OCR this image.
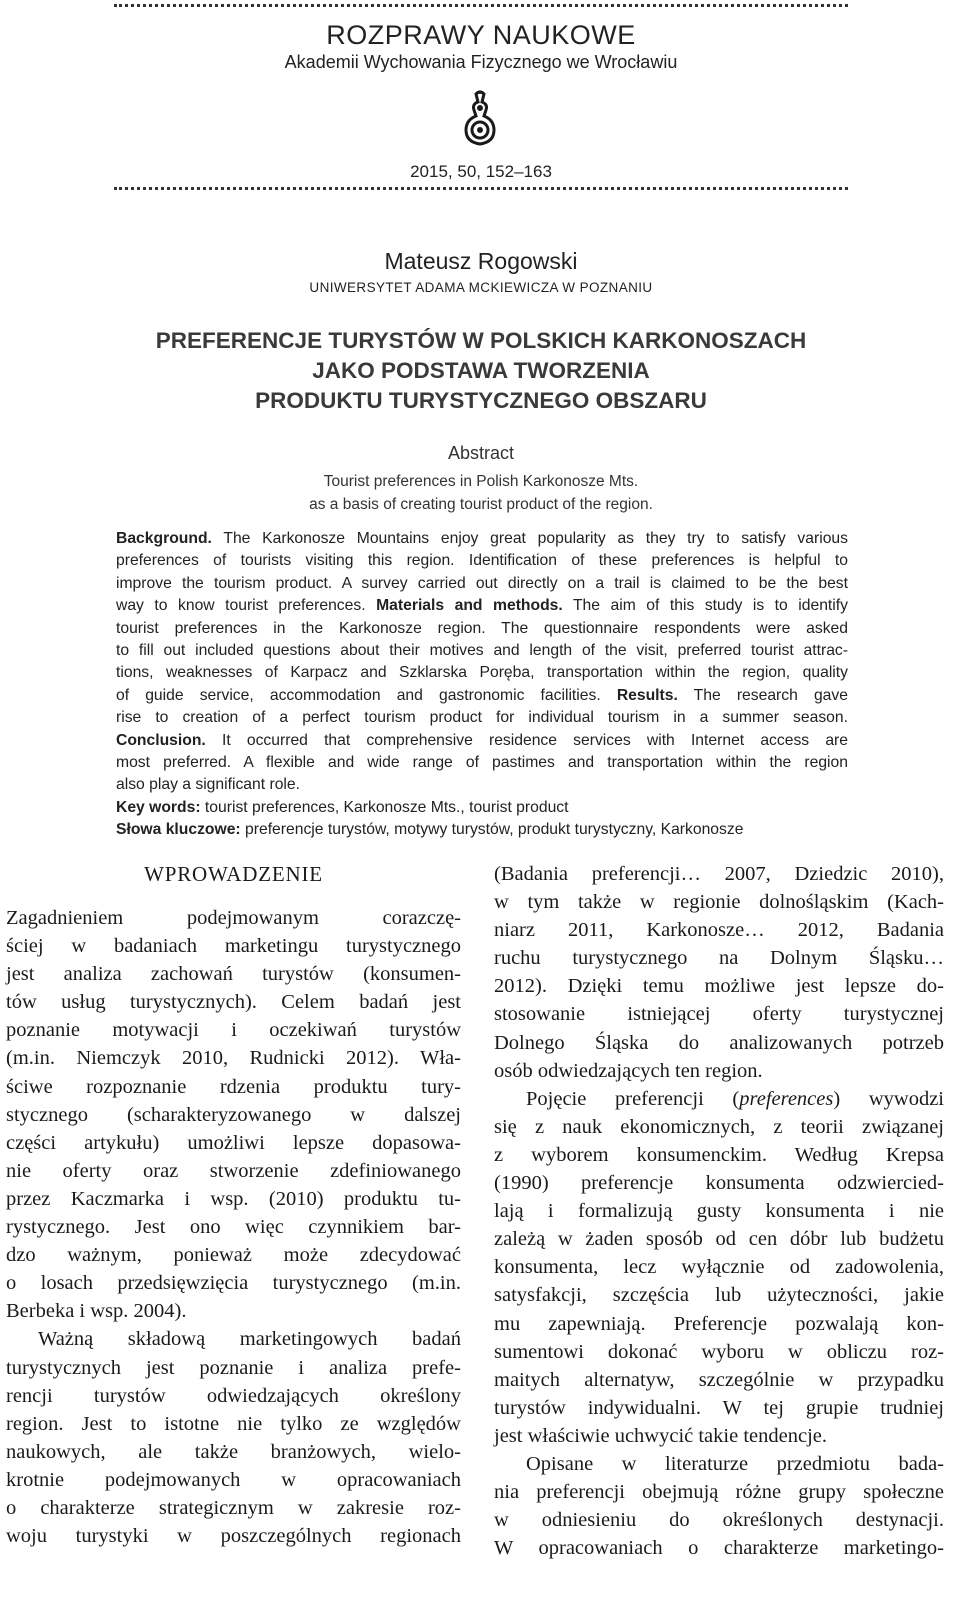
ROZPRAWY NAUKOWE
Akademii Wychowania Fizycznego we Wrocławiu
2015, 50, 152–163
Mateusz Rogowski
UNIWERSYTET ADAMA MCKIEWICZA W POZNANIU
PREFERENCJE TURYSTÓW W POLSKICH KARKONOSZACH
JAKO PODSTAWA TWORZENIA
PRODUKTU TURYSTYCZNEGO OBSZARU
Abstract
Tourist preferences in Polish Karkonosze Mts.
as a basis of creating tourist product of the region.
Background. The Karkonosze Mountains enjoy great popularity as they try to satisfy various
preferences of tourists visiting this region. Identification of these preferences is helpful to
improve the tourism product. A survey carried out directly on a trail is claimed to be the best
way to know tourist preferences. Materials and methods. The aim of this study is to identify
tourist preferences in the Karkonosze region. The questionnaire respondents were asked
to fill out included questions about their motives and length of the visit, preferred tourist attrac-
tions, weaknesses of Karpacz and Szklarska Poręba, transportation within the region, quality
of guide service, accommodation and gastronomic facilities. Results. The research gave
rise to creation of a perfect tourism product for individual tourism in a summer season.
Conclusion. It occurred that comprehensive residence services with Internet access are
most preferred. A flexible and wide range of pastimes and transportation within the region
also play a significant role.
Key words: tourist preferences, Karkonosze Mts., tourist product
Słowa kluczowe: preferencje turystów, motywy turystów, produkt turystyczny, Karkonosze
WPROWADZENIE
Zagadnieniem podejmowanym corazczę-
ściej w badaniach marketingu turystycznego
jest analiza zachowań turystów (konsumen-
tów usług turystycznych). Celem badań jest
poznanie motywacji i oczekiwań turystów
(m.in. Niemczyk 2010, Rudnicki 2012). Wła-
ściwe rozpoznanie rdzenia produktu tury-
stycznego (scharakteryzowanego w dalszej
części artykułu) umożliwi lepsze dopasowa-
nie oferty oraz stworzenie zdefiniowanego
przez Kaczmarka i wsp. (2010) produktu tu-
rystycznego. Jest ono więc czynnikiem bar-
dzo ważnym, ponieważ może zdecydować
o losach przedsięwzięcia turystycznego (m.in.
Berbeka i wsp. 2004).
Ważną składową marketingowych badań
turystycznych jest poznanie i analiza prefe-
rencji turystów odwiedzających określony
region. Jest to istotne nie tylko ze względów
naukowych, ale także branżowych, wielo-
krotnie podejmowanych w opracowaniach
o charakterze strategicznym w zakresie roz-
woju turystyki w poszczególnych regionach
(Badania preferencji… 2007, Dziedzic 2010),
w tym także w regionie dolnośląskim (Kach-
niarz 2011, Karkonosze… 2012, Badania
ruchu turystycznego na Dolnym Śląsku…
2012). Dzięki temu możliwe jest lepsze do-
stosowanie istniejącej oferty turystycznej
Dolnego Śląska do analizowanych potrzeb
osób odwiedzających ten region.
Pojęcie preferencji (preferences) wywodzi
się z nauk ekonomicznych, z teorii związanej
z wyborem konsumenckim. Według Krepsa
(1990) preferencje konsumenta odzwiercied-
lają i formalizują gusty konsumenta i nie
zależą w żaden sposób od cen dóbr lub budżetu
konsumenta, lecz wyłącznie od zadowolenia,
satysfakcji, szczęścia lub użyteczności, jakie
mu zapewniają. Preferencje pozwalają kon-
sumentowi dokonać wyboru w obliczu roz-
maitych alternatyw, szczególnie w przypadku
turystów indywidualni. W tej grupie trudniej
jest właściwie uchwycić takie tendencje.
Opisane w literaturze przedmiotu bada-
nia preferencji obejmują różne grupy społeczne
w odniesieniu do określonych destynacji.
W opracowaniach o charakterze marketingo-
